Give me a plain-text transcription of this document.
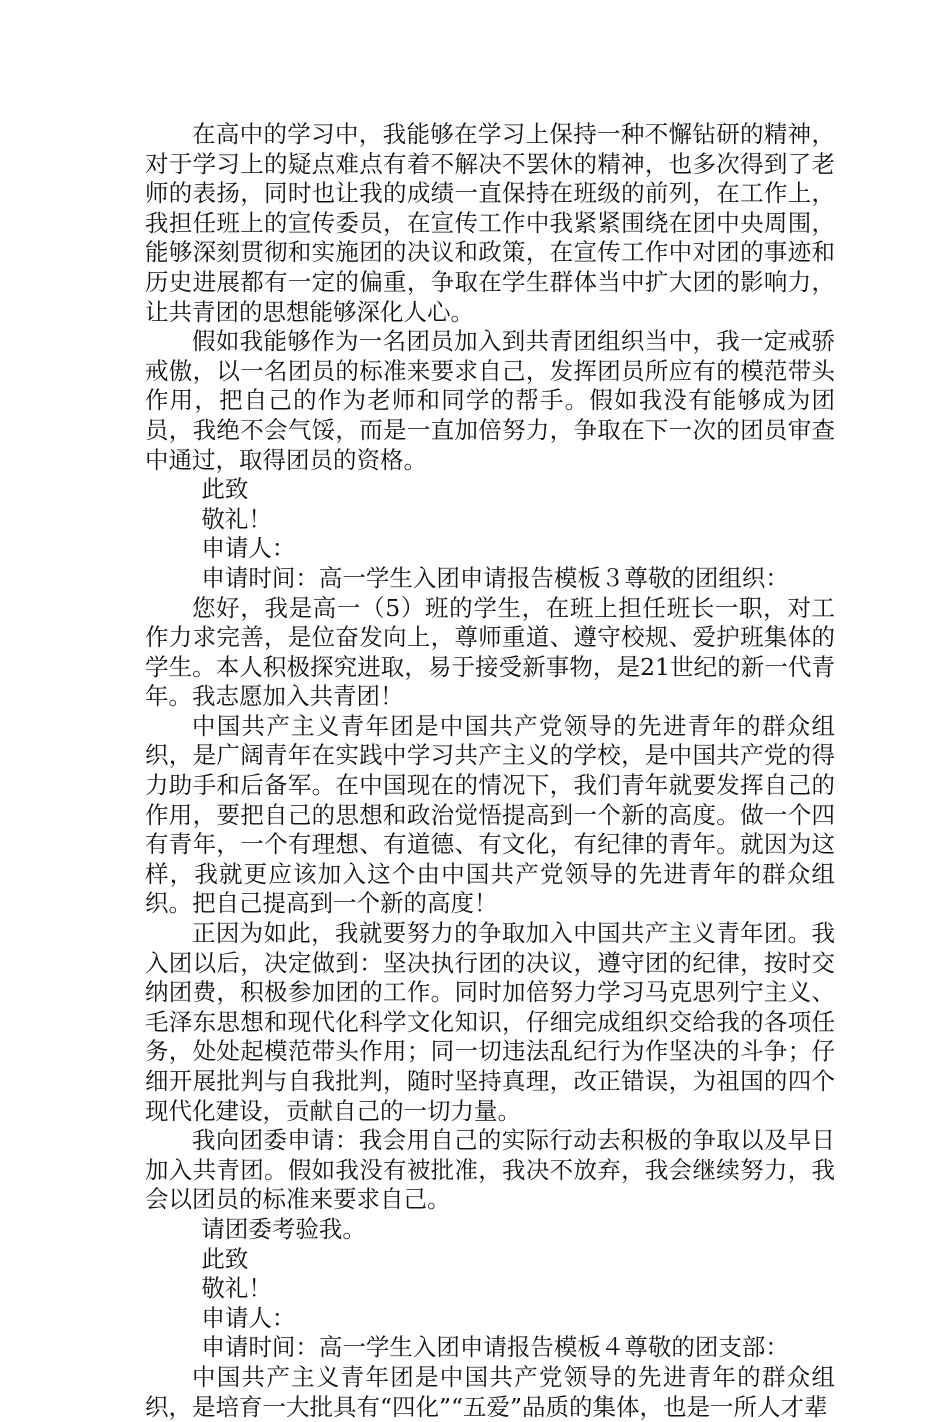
在高中的学习中，我能够在学习上保持一种不懈钻研的精神，对于学习上的疑点难点有着不解决不罢休的精神，也多次得到了老师的表扬，同时也让我的成绩一直保持在班级的前列，在工作上，我担任班上的宣传委员，在宣传工作中我紧紧围绕在团中央周围，能够深刻贯彻和实施团的决议和政策，在宣传工作中对团的事迹和历史进展都有一定的偏重，争取在学生群体当中扩大团的影响力，让共青团的思想能够深化人心。

假如我能够作为一名团员加入到共青团组织当中，我一定戒骄戒傲，以一名团员的标准来要求自己，发挥团员所应有的模范带头作用，把自己的作为老师和同学的帮手。假如我没有能够成为团员，我绝不会气馁，而是一直加倍努力，争取在下一次的团员审查中通过，取得团员的资格。

此致

敬礼！

申请人：

申请时间：高一学生入团申请报告模板３尊敬的团组织：

您好，我是高一（5）班的学生，在班上担任班长一职，对工作力求完善，是位奋发向上，尊师重道、遵守校规、爱护班集体的学生。本人积极探究进取，易于接受新事物，是21世纪的新一代青年。我志愿加入共青团！

中国共产主义青年团是中国共产党领导的先进青年的群众组织，是广阔青年在实践中学习共产主义的学校，是中国共产党的得力助手和后备军。在中国现在的情况下，我们青年就要发挥自己的作用，要把自己的思想和政治觉悟提高到一个新的高度。做一个四有青年，一个有理想、有道德、有文化，有纪律的青年。就因为这样，我就更应该加入这个由中国共产党领导的先进青年的群众组织。把自己提高到一个新的高度！

正因为如此，我就要努力的争取加入中国共产主义青年团。我入团以后，决定做到：坚决执行团的决议，遵守团的纪律，按时交纳团费，积极参加团的工作。同时加倍努力学习马克思列宁主义、毛泽东思想和现代化科学文化知识，仔细完成组织交给我的各项任务，处处起模范带头作用；同一切违法乱纪行为作坚决的斗争；仔细开展批判与自我批判，随时坚持真理，改正错误，为祖国的四个现代化建设，贡献自己的一切力量。

我向团委申请：我会用自己的实际行动去积极的争取以及早日加入共青团。假如我没有被批准，我决不放弃，我会继续努力，我会以团员的标准来要求自己。

请团委考验我。

此致

敬礼！

申请人：

申请时间：高一学生入团申请报告模板４尊敬的团支部：

中国共产主义青年团是中国共产党领导的先进青年的群众组织，是培育一大批具有“四化”“五爱”品质的集体，也是一所人才辈
